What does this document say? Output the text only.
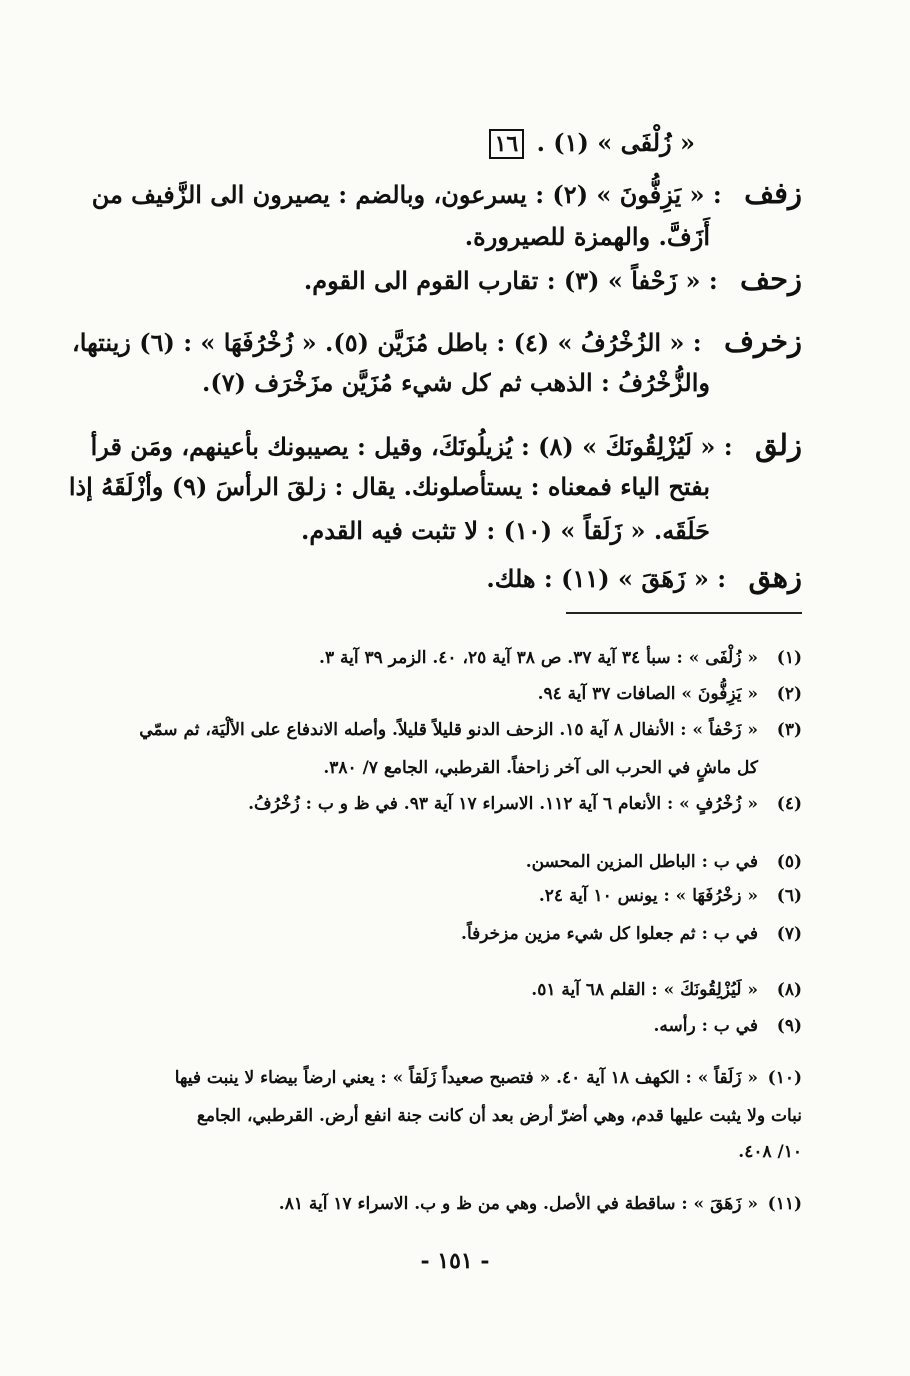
« زُلْفَى » (١) . ١٦
زفف : « يَزِفُّونَ » (٢) : يسرعون، وبالضم : يصيرون الى الزَّفيف من
أَزَفَّ. والهمزة للصيرورة.
زحف : « زَحْفاً » (٣) : تقارب القوم الى القوم.
زخرف : « الزُخْرُفُ » (٤) : باطل مُزَيَّن (٥). « زُخْرُفَهَا » : (٦) زينتها،
والزُّخْرُفُ : الذهب ثم كل شيء مُزَيَّن مزَخْرَف (٧).
زلق : « لَيُزْلِقُونَكَ » (٨) : يُزيلُونَكَ، وقيل : يصيبونك بأعينهم، ومَن قرأ
بفتح الياء فمعناه : يستأصلونك. يقال : زلقَ الرأسَ (٩) وأزْلَقَهُ إذا
حَلَقَه. « زَلَقاً » (١٠) : لا تثبت فيه القدم.
زهق : « زَهَقَ » (١١) : هلك.
(١)
« زُلْفَى » : سبأ ٣٤ آية ٣٧. ص ٣٨ آية ٢٥، ٤٠. الزمر ٣٩ آية ٣.
(٢)
« يَزِفُّونَ » الصافات ٣٧ آية ٩٤.
(٣)
« زَحْفاً » : الأنفال ٨ آية ١٥. الزحف الدنو قليلاً قليلاً. وأصله الاندفاع على الألْيَة، ثم سمّي
كل ماشٍ في الحرب الى آخر زاحفاً. القرطبي، الجامع ٧/ ٣٨٠.
(٤)
« زُخْرُفٍ » : الأنعام ٦ آية ١١٢. الاسراء ١٧ آية ٩٣. في ظ و ب : زُخْرُفُ.
(٥)
في ب : الباطل المزين المحسن.
(٦)
« زخْرُفَهَا » : يونس ١٠ آية ٢٤.
(٧)
في ب : ثم جعلوا كل شيء مزين مزخرفاً.
(٨)
« لَيُزْلِقُونَكَ » : القلم ٦٨ آية ٥١.
(٩)
في ب : رأسه.
(١٠)
« زَلَقاً » : الكهف ١٨ آية ٤٠. « فتصبح صعيداً زَلَقاً » : يعني ارضاً بيضاء لا ينبت فيها
نبات ولا يثبت عليها قدم، وهي أضرّ أرض بعد أن كانت جنة انفع أرض. القرطبي، الجامع
١٠/ ٤٠٨.
(١١)
« زَهَقَ » : ساقطة في الأصل. وهي من ظ و ب. الاسراء ١٧ آية ٨١.
- ١٥١ -
